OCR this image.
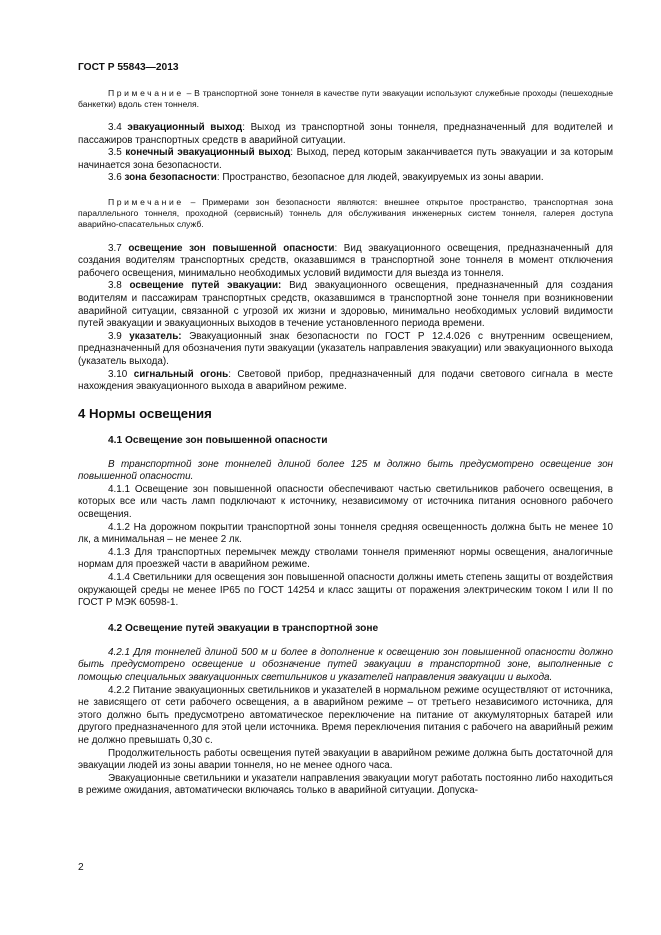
ГОСТ Р 55843—2013

Примечание – В транспортной зоне тоннеля в качестве пути эвакуации используют служебные проходы (пешеходные банкетки) вдоль стен тоннеля.

3.4 эвакуационный выход: Выход из транспортной зоны тоннеля, предназначенный для водителей и пассажиров транспортных средств в аварийной ситуации.

3.5 конечный эвакуационный выход: Выход, перед которым заканчивается путь эвакуации и за которым начинается зона безопасности.

3.6 зона безопасности: Пространство, безопасное для людей, эвакуируемых из зоны аварии.

Примечание – Примерами зон безопасности являются: внешнее открытое пространство, транспортная зона параллельного тоннеля, проходной (сервисный) тоннель для обслуживания инженерных систем тоннеля, галерея доступа аварийно-спасательных служб.

3.7 освещение зон повышенной опасности: Вид эвакуационного освещения, предназначенный для создания водителям транспортных средств, оказавшимся в транспортной зоне тоннеля в момент отключения рабочего освещения, минимально необходимых условий видимости для выезда из тоннеля.

3.8 освещение путей эвакуации: Вид эвакуационного освещения, предназначенный для создания водителям и пассажирам транспортных средств, оказавшимся в транспортной зоне тоннеля при возникновении аварийной ситуации, связанной с угрозой их жизни и здоровью, минимально необходимых условий видимости путей эвакуации и эвакуационных выходов в течение установленного периода времени.

3.9 указатель: Эвакуационный знак безопасности по ГОСТ Р 12.4.026 с внутренним освещением, предназначенный для обозначения пути эвакуации (указатель направления эвакуации) или эвакуационного выхода (указатель выхода).

3.10 сигнальный огонь: Световой прибор, предназначенный для подачи светового сигнала в месте нахождения эвакуационного выхода в аварийном режиме.

4 Нормы освещения
4.1 Освещение зон повышенной опасности

В транспортной зоне тоннелей длиной более 125 м должно быть предусмотрено освещение зон повышенной опасности.

4.1.1 Освещение зон повышенной опасности обеспечивают частью светильников рабочего освещения, в которых все или часть ламп подключают к источнику, независимому от источника питания основного рабочего освещения.

4.1.2 На дорожном покрытии транспортной зоны тоннеля средняя освещенность должна быть не менее 10 лк, а минимальная – не менее 2 лк.

4.1.3 Для транспортных перемычек между стволами тоннеля применяют нормы освещения, аналогичные нормам для проезжей части в аварийном режиме.

4.1.4 Светильники для освещения зон повышенной опасности должны иметь степень защиты от воздействия окружающей среды не менее IP65 по ГОСТ 14254 и класс защиты от поражения электрическим током I или II по ГОСТ Р МЭК 60598-1.

4.2 Освещение путей эвакуации в транспортной зоне

4.2.1 Для тоннелей длиной 500 м и более в дополнение к освещению зон повышенной опасности должно быть предусмотрено освещение и обозначение путей эвакуации в транспортной зоне, выполненные с помощью специальных эвакуационных светильников и указателей направления эвакуации и выхода.

4.2.2 Питание эвакуационных светильников и указателей в нормальном режиме осуществляют от источника, не зависящего от сети рабочего освещения, а в аварийном режиме – от третьего независимого источника, для этого должно быть предусмотрено автоматическое переключение на питание от аккумуляторных батарей или другого предназначенного для этой цели источника. Время переключения питания с рабочего на аварийный режим не должно превышать 0,30 с.

Продолжительность работы освещения путей эвакуации в аварийном режиме должна быть достаточной для эвакуации людей из зоны аварии тоннеля, но не менее одного часа.

Эвакуационные светильники и указатели направления эвакуации могут работать постоянно либо находиться в режиме ожидания, автоматически включаясь только в аварийной ситуации. Допуска-

2
